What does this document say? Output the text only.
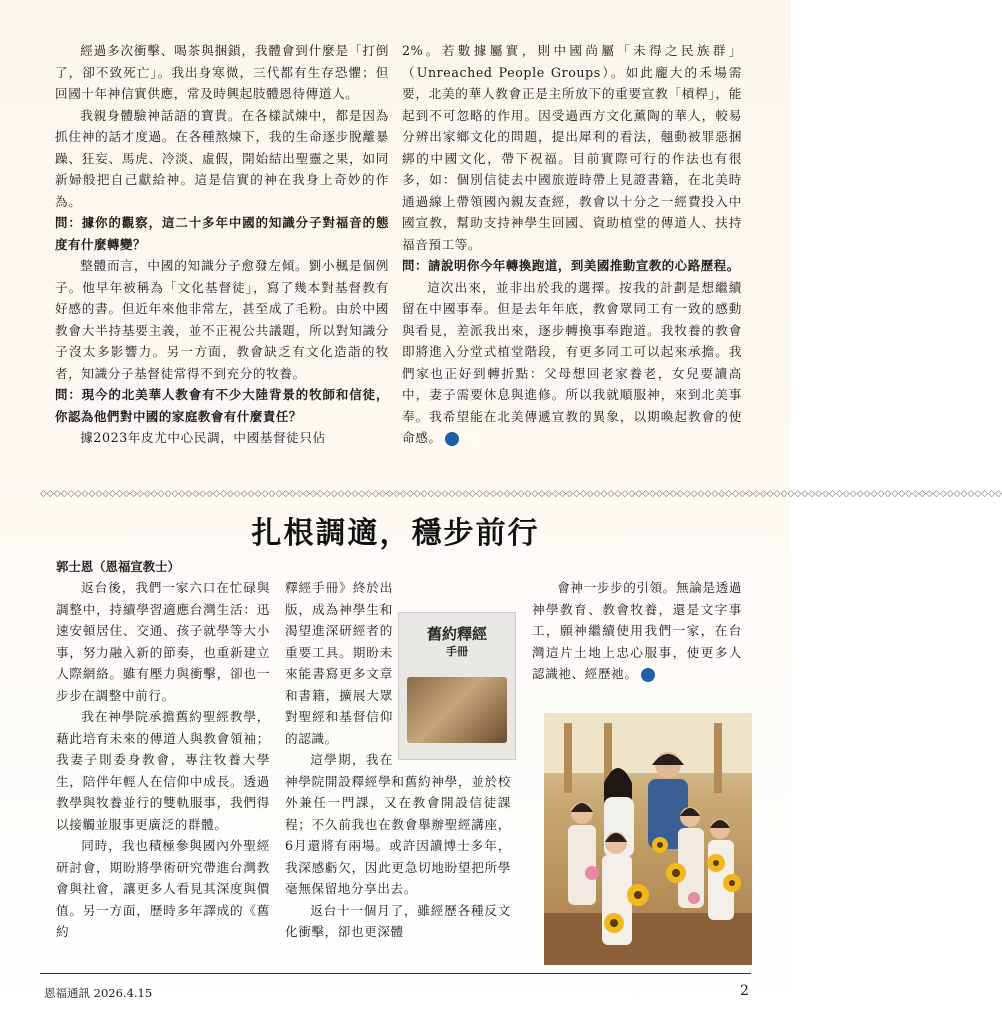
經過多次衝擊、喝茶與捆鎖，我體會到什麼是「打倒了，卻不致死亡」。我出身寒微，三代都有生存恐懼；但回國十年神信實供應，常及時興起肢體恩待傳道人。

我親身體驗神話語的寶貴。在各樣試煉中，都是因為抓住神的話才度過。在各種熬煉下，我的生命逐步脫離暴躁、狂妄、馬虎、冷淡、虛假，開始結出聖靈之果，如同新婦般把自己獻給神。這是信實的神在我身上奇妙的作為。

問：據你的觀察，這二十多年中國的知識分子對福音的態度有什麼轉變？

整體而言，中國的知識分子愈發左傾。劉小楓是個例子。他早年被稱為「文化基督徒」，寫了幾本對基督教有好感的書。但近年來他非常左，甚至成了毛粉。由於中國教會大半持基要主義，並不正視公共議題，所以對知識分子沒太多影響力。另一方面，教會缺乏有文化造詣的牧者，知識分子基督徒常得不到充分的牧養。

問：現今的北美華人教會有不少大陸背景的牧師和信徒，你認為他們對中國的家庭教會有什麼責任？

據2023年皮尤中心民調，中國基督徒只佔

2%。若數據屬實，則中國尚屬「未得之民族群」（Unreached People Groups）。如此龐大的禾場需要，北美的華人教會正是主所放下的重要宣教「槓桿」，能起到不可忽略的作用。因受過西方文化薰陶的華人，較易分辨出家鄉文化的問題，提出犀利的看法，翹動被罪惡捆綁的中國文化，帶下祝福。目前實際可行的作法也有很多，如：個別信徒去中國旅遊時帶上見證書籍，在北美時通過線上帶領國內親友查經，教會以十分之一經費投入中國宣教，幫助支持神學生回國、資助植堂的傳道人、扶持福音預工等。

問：請說明你今年轉換跑道，到美國推動宣教的心路歷程。

這次出來，並非出於我的選擇。按我的計劃是想繼續留在中國事奉。但是去年年底，教會眾同工有一致的感動與看見，差派我出來，逐步轉換事奉跑道。我牧養的教會即將進入分堂式植堂階段，有更多同工可以起來承擔。我們家也正好到轉折點：父母想回老家養老，女兒要讀高中，妻子需要休息與進修。所以我就順服神，來到北美事奉。我希望能在北美傳遞宣教的異象，以期喚起教會的使命感。	恩

◇◇◇◇◇◇◇◇◇◇◇◇◇◇◇◇◇◇◇◇◇◇◇◇◇◇◇◇◇◇◇◇◇◇◇◇◇◇◇◇◇◇◇◇◇◇◇◇◇◇◇◇◇◇◇◇◇◇◇◇◇◇◇◇◇◇◇◇◇◇◇◇◇◇◇◇◇◇◇◇◇◇◇◇◇◇◇◇◇◇◇◇◇◇◇◇◇◇◇◇◇◇◇◇◇◇◇◇◇◇◇◇◇◇◇◇◇◇◇◇◇◇◇◇◇◇◇◇◇◇◇◇◇◇◇◇◇◇◇
扎根調適，穩步前行
郭士恩（恩福宣教士）

返台後，我們一家六口在忙碌與調整中，持續學習適應台灣生活：迅速安頓居住、交通、孩子就學等大小事，努力融入新的節奏，也重新建立人際網絡。雖有壓力與衝擊，卻也一步步在調整中前行。

我在神學院承擔舊約聖經教學，藉此培育未來的傳道人與教會領袖；我妻子則委身教會，專注牧養大學生，陪伴年輕人在信仰中成長。透過教學與牧養並行的雙軌服事，我們得以接觸並服事更廣泛的群體。

同時，我也積極參與國內外聖經研討會，期盼將學術研究帶進台灣教會與社會，讓更多人看見其深度與價值。另一方面，歷時多年譯成的《舊約

釋經手冊》終於出版，成為神學生和渴望進深研經者的重要工具。期盼未來能書寫更多文章和書籍，擴展大眾對聖經和基督信仰的認識。

這學期，我在神學院開設釋經學和舊約神學，並於校外兼任一門課，又在教會開設信徒課程；不久前我也在教會舉辦聖經講座，6月還將有兩場。或許因讀博士多年，我深感虧欠，因此更急切地盼望把所學毫無保留地分享出去。

返台十一個月了，雖經歷各種反文化衝擊，卻也更深體

舊約釋經
手冊

會神一步步的引領。無論是透過神學教育、教會牧養，還是文字事工，願神繼續使用我們一家，在台灣這片土地上忠心服事，使更多人認識祂、經歷祂。	恩

恩福通訊 2026.4.15	2
